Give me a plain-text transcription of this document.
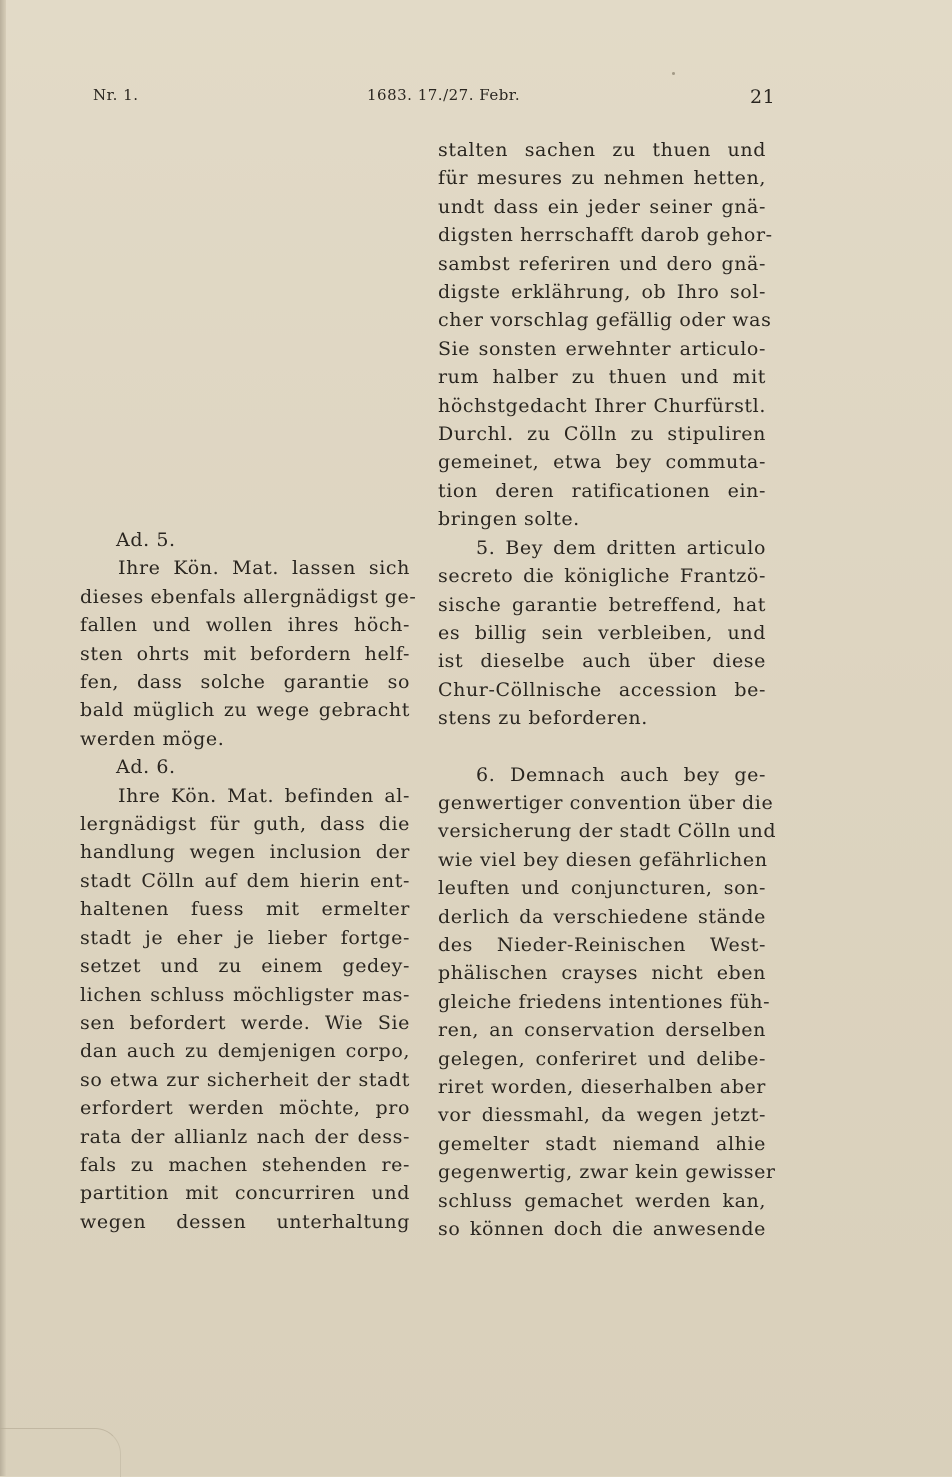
Nr. 1.	1683. 17./27. Febr.	21
Ad. 5.
Ihre Kön. Mat. lassen sich
dieses ebenfals allergnädigst ge-
fallen und wollen ihres höch-
sten ohrts mit befordern helf-
fen, dass solche garantie so
bald müglich zu wege gebracht
werden möge.
Ad. 6.
Ihre Kön. Mat. befinden al-
lergnädigst für guth, dass die
handlung wegen inclusion der
stadt Cölln auf dem hierin ent-
haltenen fuess mit ermelter
stadt je eher je lieber fortge-
setzet und zu einem gedey-
lichen schluss möchligster mas-
sen befordert werde. Wie Sie
dan auch zu demjenigen corpo,
so etwa zur sicherheit der stadt
erfordert werden möchte, pro
rata der allianlz nach der dess-
fals zu machen stehenden re-
partition mit concurriren und
wegen dessen unterhaltung
stalten sachen zu thuen und
für mesures zu nehmen hetten,
undt dass ein jeder seiner gnä-
digsten herrschafft darob gehor-
sambst referiren und dero gnä-
digste erklährung, ob Ihro sol-
cher vorschlag gefällig oder was
Sie sonsten erwehnter articulo-
rum halber zu thuen und mit
höchstgedacht Ihrer Churfürstl.
Durchl. zu Cölln zu stipuliren
gemeinet, etwa bey commuta-
tion deren ratificationen ein-
bringen solte.
5. Bey dem dritten articulo
secreto die königliche Frantzö-
sische garantie betreffend, hat
es billig sein verbleiben, und
ist dieselbe auch über diese
Chur-Cöllnische accession be-
stens zu beforderen.
6. Demnach auch bey ge-
genwertiger convention über die
versicherung der stadt Cölln und
wie viel bey diesen gefährlichen
leuften und conjuncturen, son-
derlich da verschiedene stände
des Nieder-Reinischen West-
phälischen crayses nicht eben
gleiche friedens intentiones füh-
ren, an conservation derselben
gelegen, conferiret und delibe-
riret worden, dieserhalben aber
vor diessmahl, da wegen jetzt-
gemelter stadt niemand alhie
gegenwertig, zwar kein gewisser
schluss gemachet werden kan,
so können doch die anwesende
